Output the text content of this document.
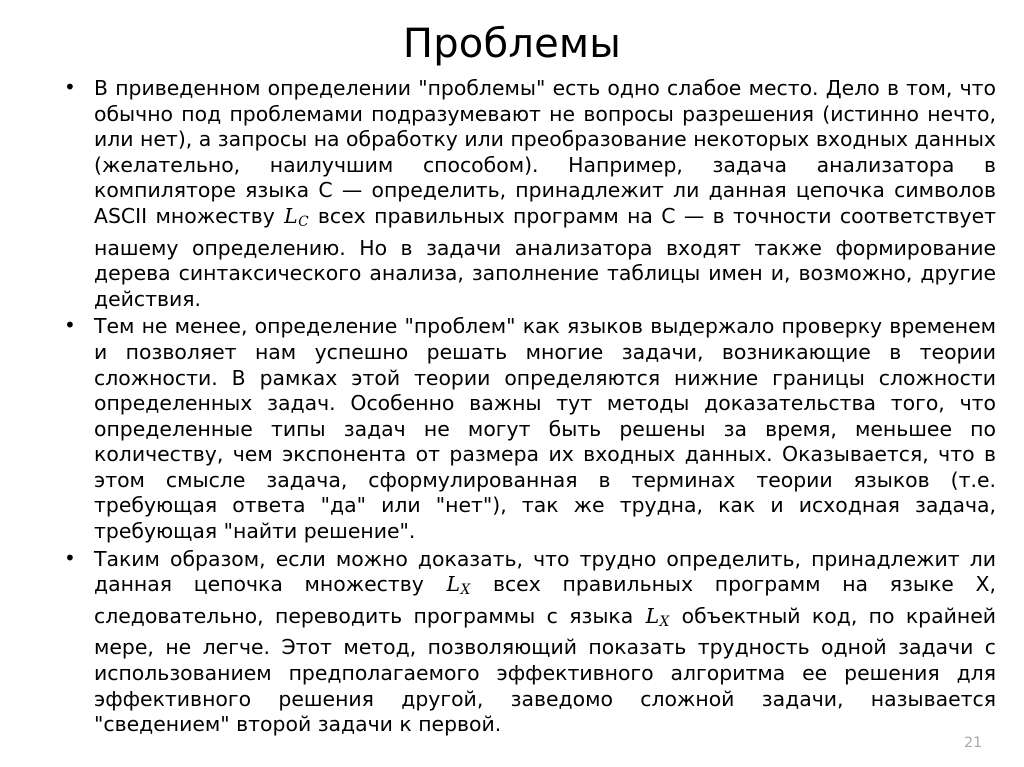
Проблемы
• В приведенном определении "проблемы" есть одно слабое место. Дело в том, что обычно под проблемами подразумевают не вопросы разрешения (истинно нечто, или нет), а запросы на обработку или преобразование некоторых входных данных (желательно, наилучшим способом). Например, задача анализатора в компиляторе языка C — определить, принадлежит ли данная цепочка символов ASCII множеству $L_C$ всех правильных программ на C — в точности соответствует нашему определению. Но в задачи анализатора входят также формирование дерева синтаксического анализа, заполнение таблицы имен и, возможно, другие действия.
• Тем не менее, определение "проблем" как языков выдержало проверку временем и позволяет нам успешно решать многие задачи, возникающие в теории сложности. В рамках этой теории определяются нижние границы сложности определенных задач. Особенно важны тут методы доказательства того, что определенные типы задач не могут быть решены за время, меньшее по количеству, чем экспонента от размера их входных данных. Оказывается, что в этом смысле задача, сформулированная в терминах теории языков (т.е. требующая ответа "да" или "нет"), так же трудна, как и исходная задача, требующая "найти решение".
• Таким образом, если можно доказать, что трудно определить, принадлежит ли данная цепочка множеству $L_X$ всех правильных программ на языке X, следовательно, переводить программы с языка $L_X$ объектный код, по крайней мере, не легче. Этот метод, позволяющий показать трудность одной задачи с использованием предполагаемого эффективного алгоритма ее решения для эффективного решения другой, заведомо сложной задачи, называется "сведением" второй задачи к первой.
21
